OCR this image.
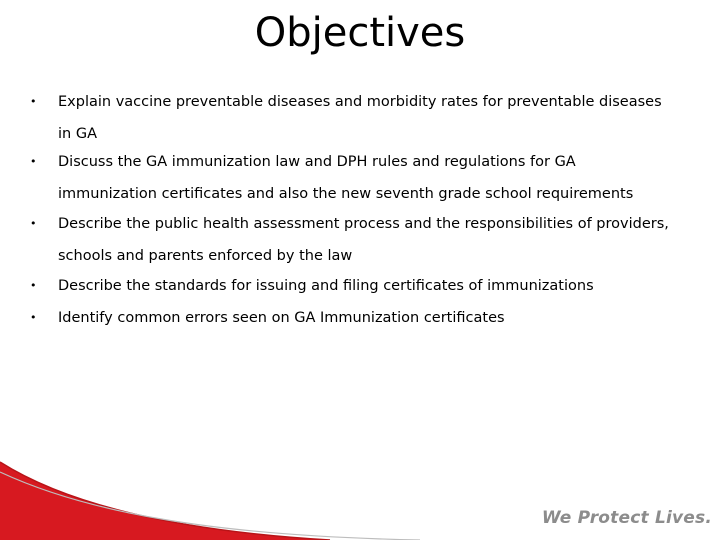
Objectives
• Explain vaccine preventable diseases and morbidity rates for preventable diseases in GA
• Discuss the GA immunization law and DPH rules and regulations for GA immunization certificates and also the new seventh grade school requirements
• Describe the public health assessment process and the responsibilities of providers, schools and parents enforced by the law
• Describe the standards for issuing and filing certificates of immunizations
• Identify common errors seen on GA Immunization certificates
We Protect Lives.
